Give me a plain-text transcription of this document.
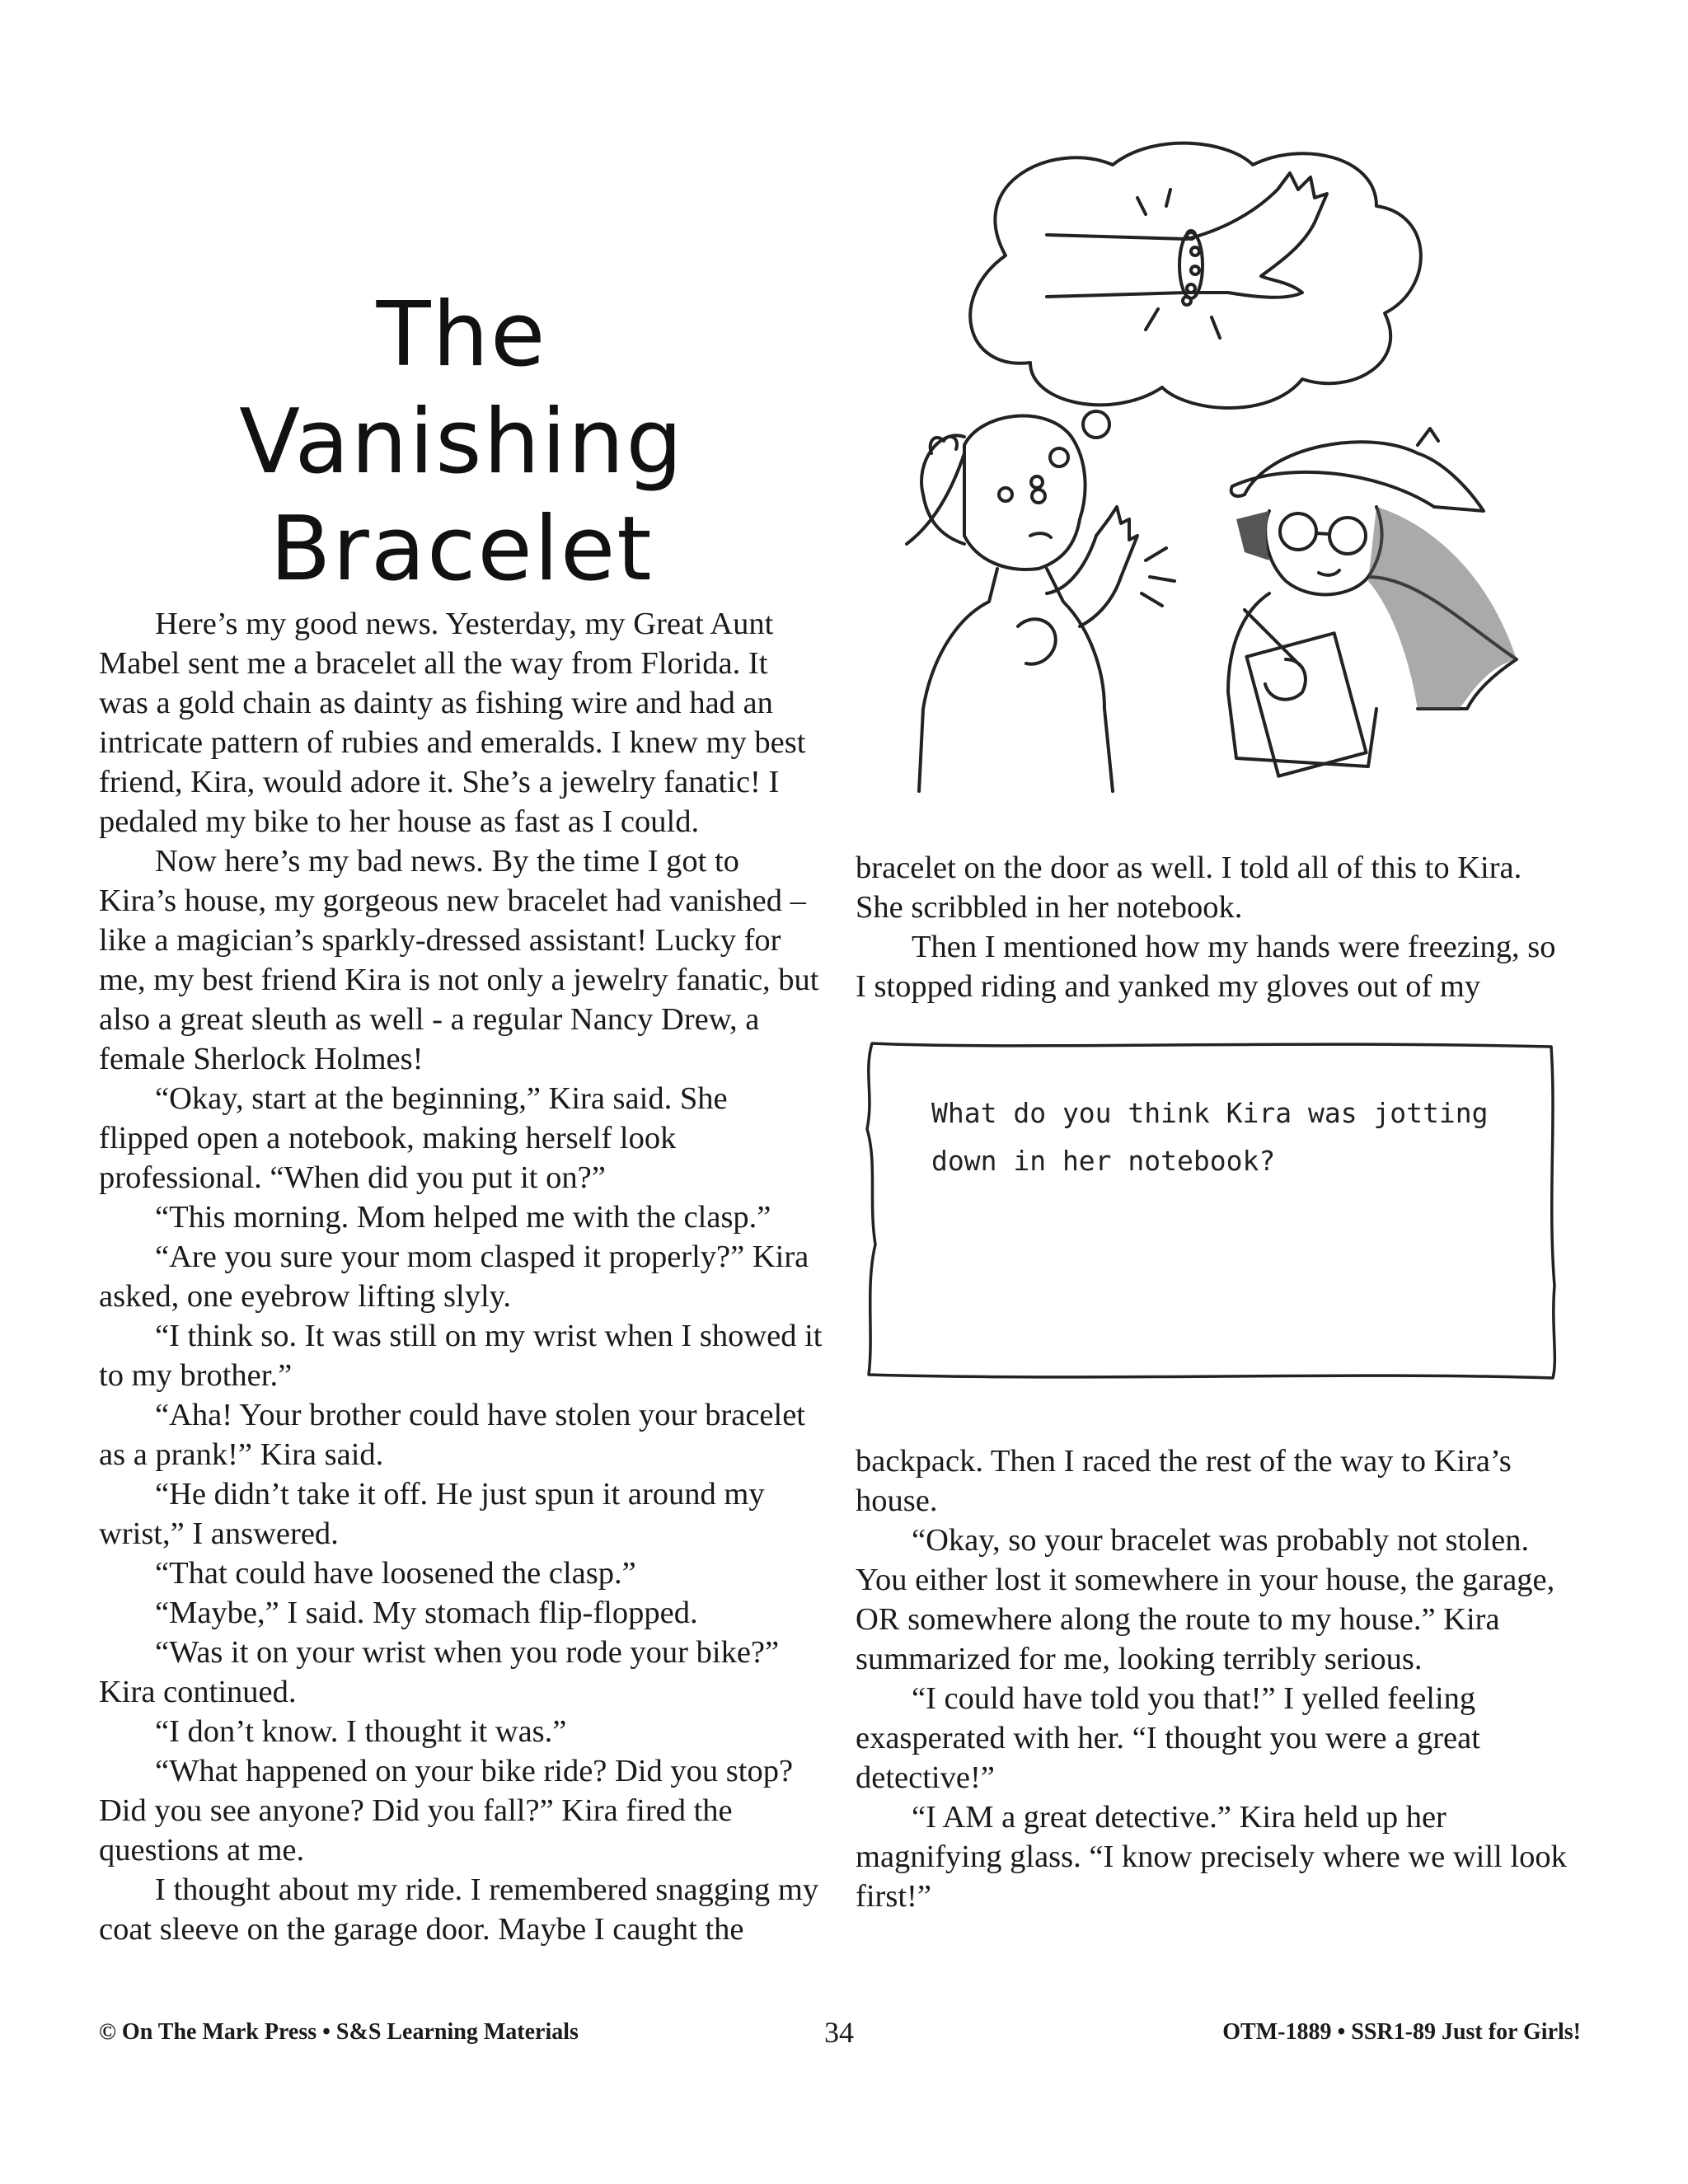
The Vanishing
Bracelet

Here’s my good news. Yesterday, my Great Aunt Mabel sent me a bracelet all the way from Florida. It was a gold chain as dainty as fishing wire and had an intricate pattern of rubies and emeralds. I knew my best friend, Kira, would adore it. She’s a jewelry fanatic! I pedaled my bike to her house as fast as I could.

Now here’s my bad news. By the time I got to Kira’s house, my gorgeous new bracelet had vanished – like a magician’s sparkly-dressed assistant! Lucky for me, my best friend Kira is not only a jewelry fanatic, but also a great sleuth as well - a regular Nancy Drew, a female Sherlock Holmes!

“Okay, start at the beginning,” Kira said. She flipped open a notebook, making herself look professional. “When did you put it on?”

“This morning. Mom helped me with the clasp.”

“Are you sure your mom clasped it properly?” Kira asked, one eyebrow lifting slyly.

“I think so. It was still on my wrist when I showed it to my brother.”

“Aha! Your brother could have stolen your bracelet as a prank!” Kira said.

“He didn’t take it off. He just spun it around my wrist,” I answered.

“That could have loosened the clasp.”

“Maybe,” I said. My stomach flip-flopped.

“Was it on your wrist when you rode your bike?” Kira continued.

“I don’t know. I thought it was.”

“What happened on your bike ride? Did you stop? Did you see anyone? Did you fall?” Kira fired the questions at me.

I thought about my ride. I remembered snagging my coat sleeve on the garage door. Maybe I caught the

bracelet on the door as well. I told all of this to Kira. She scribbled in her notebook.

Then I mentioned how my hands were freezing, so I stopped riding and yanked my gloves out of my

What do you think Kira was jotting down in her notebook?

backpack. Then I raced the rest of the way to Kira’s house.

“Okay, so your bracelet was probably not stolen. You either lost it somewhere in your house, the garage, OR somewhere along the route to my house.” Kira summarized for me, looking terribly serious.

“I could have told you that!” I yelled feeling exasperated with her. “I thought you were a great detective!”

“I AM a great detective.” Kira held up her magnifying glass. “I know precisely where we will look first!”

© On The Mark Press • S&S Learning Materials	34	OTM-1889 • SSR1-89 Just for Girls!
